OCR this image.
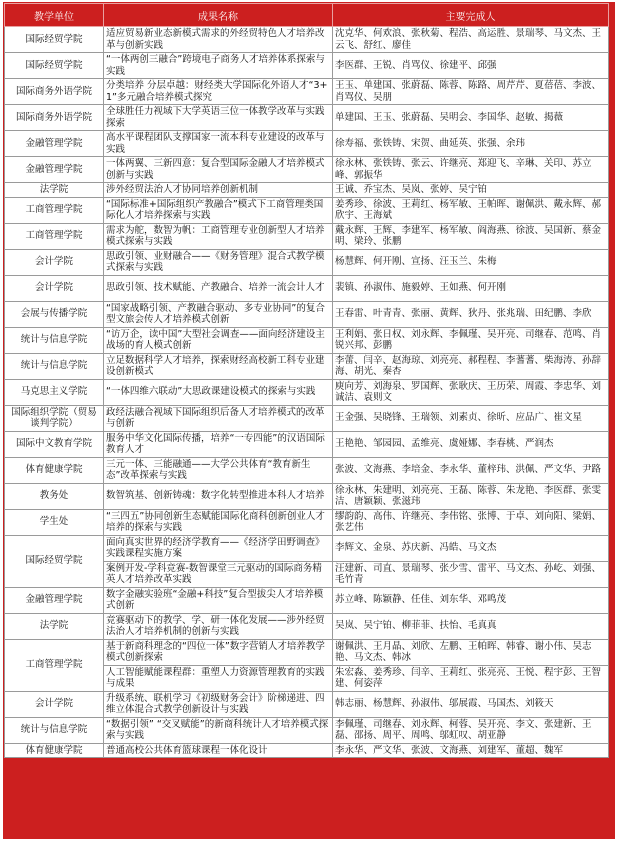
教学单位	成果名称	主要完成人
国际经贸学院	适应贸易新业态新模式需求的外经贸特色人才培养改革与创新实践	沈克华、何欢浪、张秋菊、程浩、高运胜、景瑞琴、马文杰、王云飞、舒红、廖佳
国际经贸学院	“一体两创三融合”跨境电子商务人才培养体系探索与实践	李医群、王锐、肖骂仪、徐建平、邱强
国际商务外语学院	分类培养 分层卓越：财经类大学国际化外语人才“3+1”多元融合培养模式探究	王玉、单建国、张蔚磊、陈蓉、陈路、周芹芹、夏蓓蓓、李波、肖骂仪、吴朋
国际商务外语学院	全球胜任力视域下大学英语三位一体教学改革与实践探索	单建国、王玉、张蔚磊、吴明会、李国华、赵敏、揭薇
金融管理学院	高水平课程团队支撑国家一流本科专业建设的改革与实践	徐寿福、张铁铸、宋贺、曲延英、张强、余玮
金融管理学院	一体两翼、三新四意：复合型国际金融人才培养模式创新与实践	徐永林、张铁铸、张云、许继亮、郑迎飞、辛琳、关印、苏立峰、郭振华
法学院	涉外经贸法治人才协同培养创新机制	王诚、乔宝杰、吴岚、张婷、吴宁铂
工商管理学院	“国际标准+国际组织产教融合”模式下工商管理类国际化人才培养探索与实践	姜秀珍、徐波、王莉红、杨军敏、王帕晖、谢佩洪、戴永辉、郝欣宇、王海斌
工商管理学院	需求为舵，数智为帆：工商管理专业创新型人才培养模式探索与实践	戴永辉、王辉、李建军、杨军敏、阎海燕、徐波、吴国新、蔡金明、梁玲、张鹏
会计学院	思政引领、业财融合——《财务管理》混合式教学模式探索与实践	杨慧辉、何开刚、宣扬、汪玉兰、朱梅
会计学院	思政引领、技术赋能、产教融合、培养一流会计人才	裴镇、孙淑伟、施毅婷、王如燕、何开刚
会展与传播学院	“国家战略引领、产教融合驱动、多专业协同”的复合型文旅会传人才培养模式创新	王春雷、叶青青、张丽、黄辉、狄丹、张兆瑞、田纪鹏、李欣
统计与信息学院	“访万企，读中国”大型社会调查——面向经济建设主战场的育人模式创新	王利娟、张日权、刘永辉、李佩瑾、吴开亮、司继春、范鸣、肖锐兴邦、彭鹏
统计与信息学院	立足数据科学人才培养，探索财经高校新工科专业建设创新模式	李蕾、闫辛、赵海琼、刘亮亮、郝程程、李蓍蓍、柴海涛、孙辞海、胡光、秦杏
马克思主义学院	“一体四维六联动”大思政课建设模式的探索与实践	庾向芳、刘海泉、罗国辉、张耿庆、王历荣、周霞、李忠华、刘诚洁、袁则文
国际组织学院（贸易谈判学院）	政经法融合视域下国际组织后备人才培养模式的改革与创新	王金强、吴晓锋、王瑞领、刘素贞、徐昕、应品广、崔文星
国际中文教育学院	服务中华文化国际传播，培养“一专四能”的汉语国际教育人才	王艳艳、邹园园、孟维亮、虞娅娜、李春桃、严润杰
体育健康学院	三元一体、三能融通——大学公共体育“教育新生态”改革探索与实践	张波、文海燕、李培金、李永华、董梓玮、洪佩、严文华、尹路
教务处	数智筑基、创新铸魂：数字化转型推进本科人才培养	徐永林、朱建明、刘亮亮、王磊、陈蓉、朱龙艳、李医群、张雯洁、唐颖颖、张滋玮
学生处	“三四五”协同创新生态赋能国际化商科创新创业人才培养的探索与实践	缪韵韵、高伟、许继亮、李伟铭、张博、于卓、刘向阳、梁娟、张艺伟
国际经贸学院	面向真实世界的经济学教育——《经济学田野调查》实践课程实施方案	李辉文、金泉、苏庆新、冯皓、马文杰
	案例开发-学科竞赛-数智课堂三元驱动的国际商务精英人才培养改革实践	汪建新、司直、景瑞琴、张少雪、雷平、马文杰、孙屹、刘强、毛竹青
金融管理学院	数字金融实验班“金融+科技”复合型拔尖人才培养模式创新	苏立峰、陈颖静、任佳、刘东华、邓鸣茂
法学院	竞赛驱动下的教学、学、研一体化发展——涉外经贸法治人才培养机制的创新与实践	吴岚、吴宁铂、柳菲菲、扶怡、毛真真
工商管理学院	基于新商科理念的“四位一体”数字营销人才培养教学模式创新探索	谢佩洪、王月晶、刘欣、左鹏、王帕晖、韩睿、谢小伟、吴志艳、马文杰、韩冰
	人工智能赋能课程群：重塑人力资源管理教育的实践与成果	朱宏淼、姜秀珍、闫辛、王莉红、张亮亮、王悦、程宇彭、王智建、何姿萍
会计学院	升级系统、联机学习《初级财务会计》阶梯递进、四维立体混合式教学创新设计与实践	韩志丽、杨慧辉、孙淑伟、邬展霞、马国杰、刘筱天
统计与信息学院	“数据引领” “交叉赋能”的新商科统计人才培养模式探索与实践	李佩瑾、司继春、刘永辉、柯蓉、吴开亮、李文、张建新、王磊、邵扬、周平、周鸣、邬虹叹、胡亚静
体育健康学院	普通高校公共体育篮球课程一体化设计	李永华、严文华、张波、文海燕、刘建军、董超、魏军
